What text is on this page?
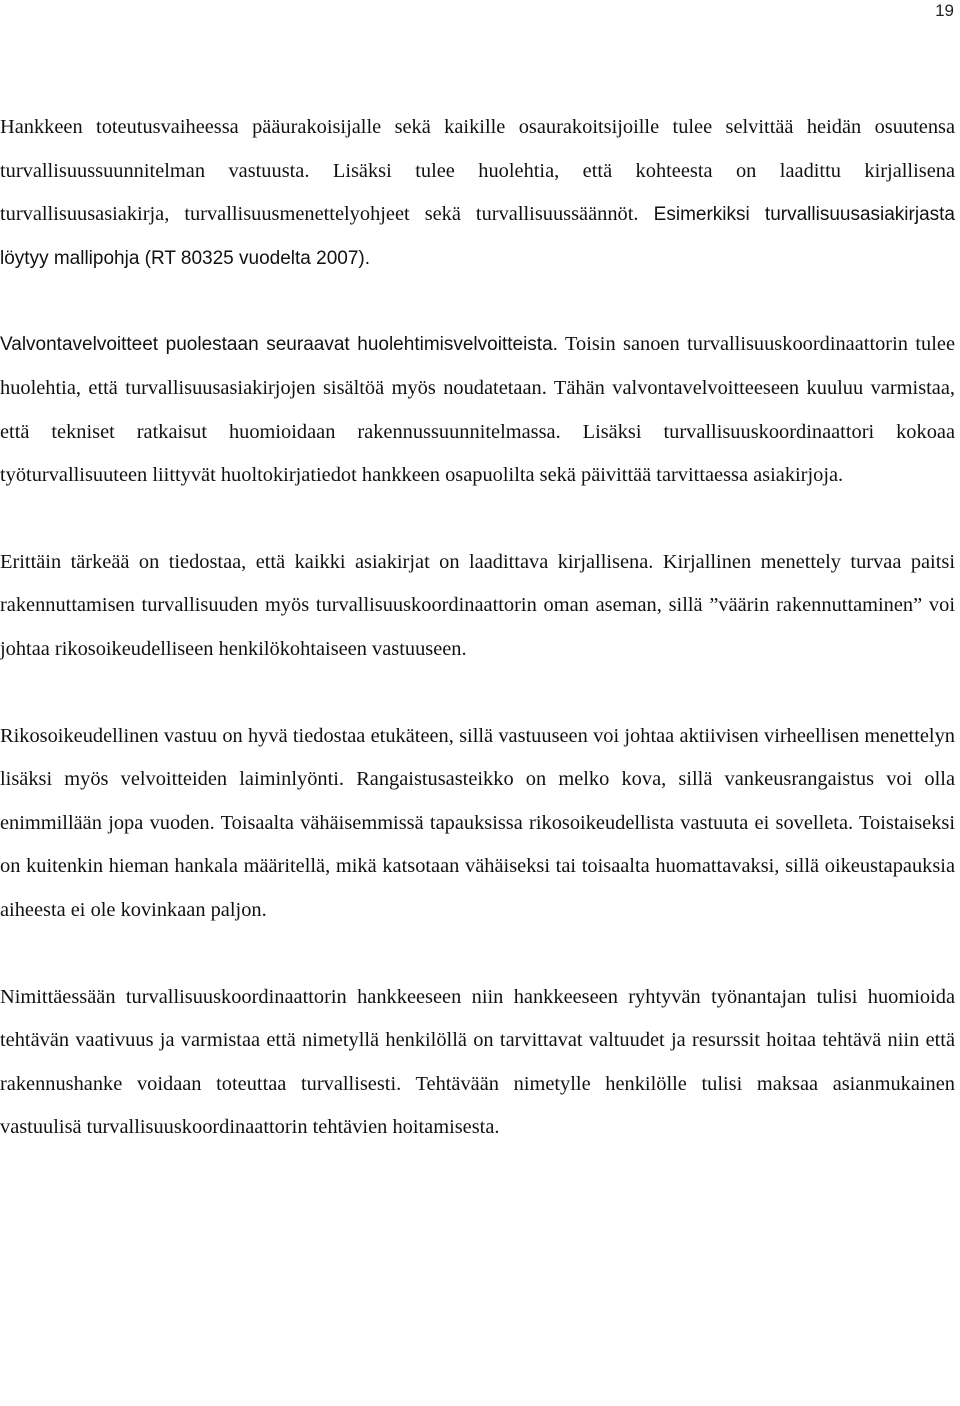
19

Hankkeen toteutusvaiheessa pääurakoisijalle sekä kaikille osaurakoitsijoille tulee selvittää heidän osuutensa turvallisuussuunnitelman vastuusta. Lisäksi tulee huolehtia, että kohteesta on laadittu kirjallisena turvallisuusasiakirja, turvallisuusmenettelyohjeet sekä turvallisuussäännöt. Esimerkiksi turvallisuusasiakirjasta löytyy mallipohja (RT 80325 vuodelta 2007).

Valvontavelvoitteet puolestaan seuraavat huolehtimisvelvoitteista. Toisin sanoen turvallisuuskoordinaattorin tulee huolehtia, että turvallisuusasiakirjojen sisältöä myös noudatetaan. Tähän valvontavelvoitteeseen kuuluu varmistaa, että tekniset ratkaisut huomioidaan rakennussuunnitelmassa. Lisäksi turvallisuuskoordinaattori kokoaa työturvallisuuteen liittyvät huoltokirjatiedot hankkeen osapuolilta sekä päivittää tarvittaessa asiakirjoja.

Erittäin tärkeää on tiedostaa, että kaikki asiakirjat on laadittava kirjallisena. Kirjallinen menettely turvaa paitsi rakennuttamisen turvallisuuden myös turvallisuuskoordinaattorin oman aseman, sillä ”väärin rakennuttaminen” voi johtaa rikosoikeudelliseen henkilökohtaiseen vastuuseen.

Rikosoikeudellinen vastuu on hyvä tiedostaa etukäteen, sillä vastuuseen voi johtaa aktiivisen virheellisen menettelyn lisäksi myös velvoitteiden laiminlyönti. Rangaistusasteikko on melko kova, sillä vankeusrangaistus voi olla enimmillään jopa vuoden. Toisaalta vähäisemmissä tapauksissa rikosoikeudellista vastuuta ei sovelleta. Toistaiseksi on kuitenkin hieman hankala määritellä, mikä katsotaan vähäiseksi tai toisaalta huomattavaksi, sillä oikeustapauksia aiheesta ei ole kovinkaan paljon.

Nimittäessään turvallisuuskoordinaattorin hankkeeseen niin hankkeeseen ryhtyvän työnantajan tulisi huomioida tehtävän vaativuus ja varmistaa että nimetyllä henkilöllä on tarvittavat valtuudet ja resurssit hoitaa tehtävä niin että rakennushanke voidaan toteuttaa turvallisesti. Tehtävään nimetylle henkilölle tulisi maksaa asianmukainen vastuulisä turvallisuuskoordinaattorin tehtävien hoitamisesta.
